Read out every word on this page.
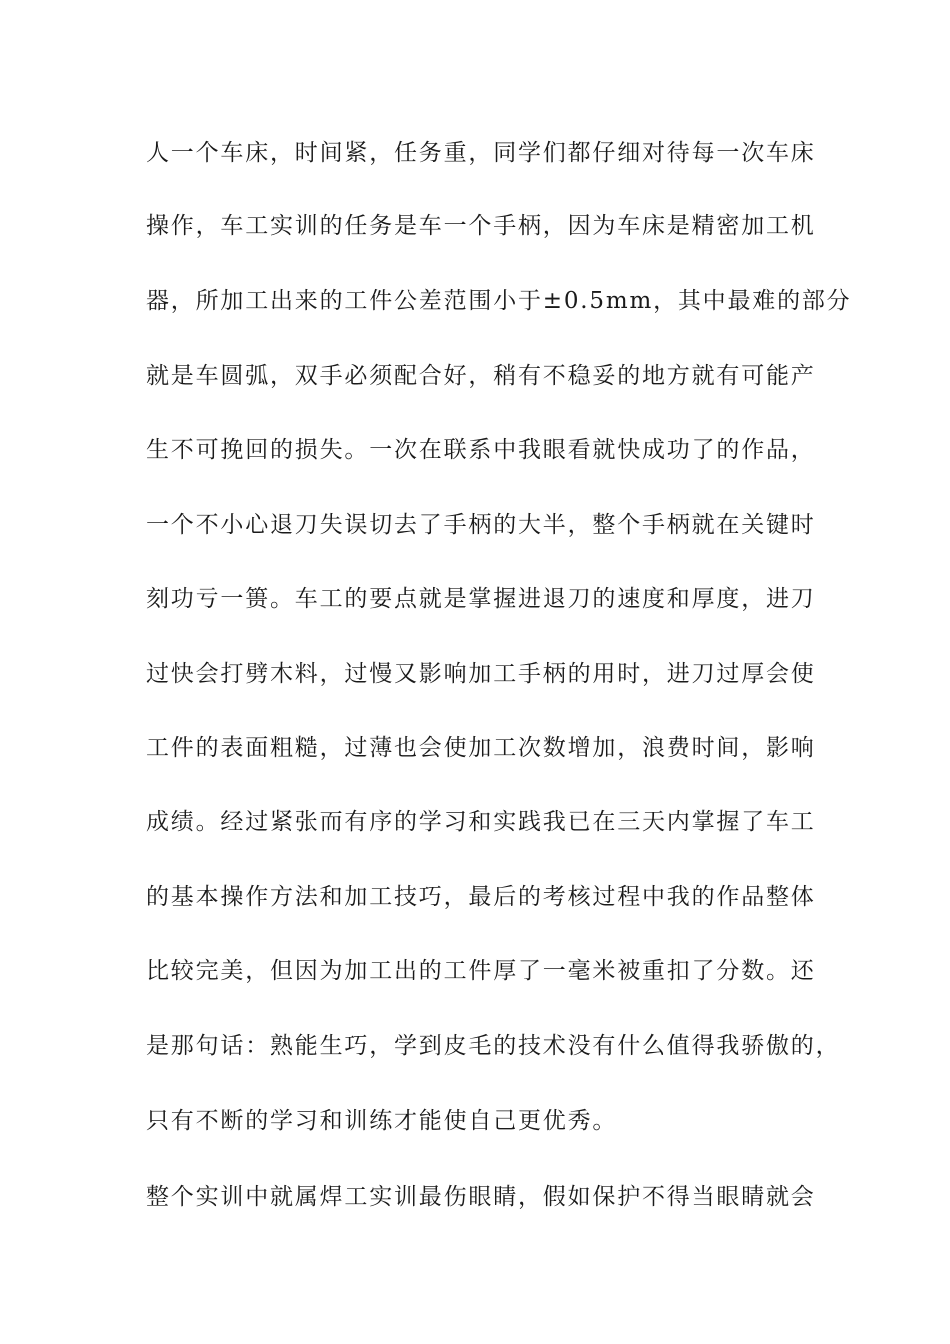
人一个车床，时间紧，任务重，同学们都仔细对待每一次车床
操作，车工实训的任务是车一个手柄，因为车床是精密加工机
器，所加工出来的工件公差范围小于±0.5mm，其中最难的部分
就是车圆弧，双手必须配合好，稍有不稳妥的地方就有可能产
生不可挽回的损失。一次在联系中我眼看就快成功了的作品，
一个不小心退刀失误切去了手柄的大半，整个手柄就在关键时
刻功亏一篑。车工的要点就是掌握进退刀的速度和厚度，进刀
过快会打劈木料，过慢又影响加工手柄的用时，进刀过厚会使
工件的表面粗糙，过薄也会使加工次数增加，浪费时间，影响
成绩。经过紧张而有序的学习和实践我已在三天内掌握了车工
的基本操作方法和加工技巧，最后的考核过程中我的作品整体
比较完美，但因为加工出的工件厚了一毫米被重扣了分数。还
是那句话：熟能生巧，学到皮毛的技术没有什么值得我骄傲的，
只有不断的学习和训练才能使自己更优秀。
整个实训中就属焊工实训最伤眼睛，假如保护不得当眼睛就会
